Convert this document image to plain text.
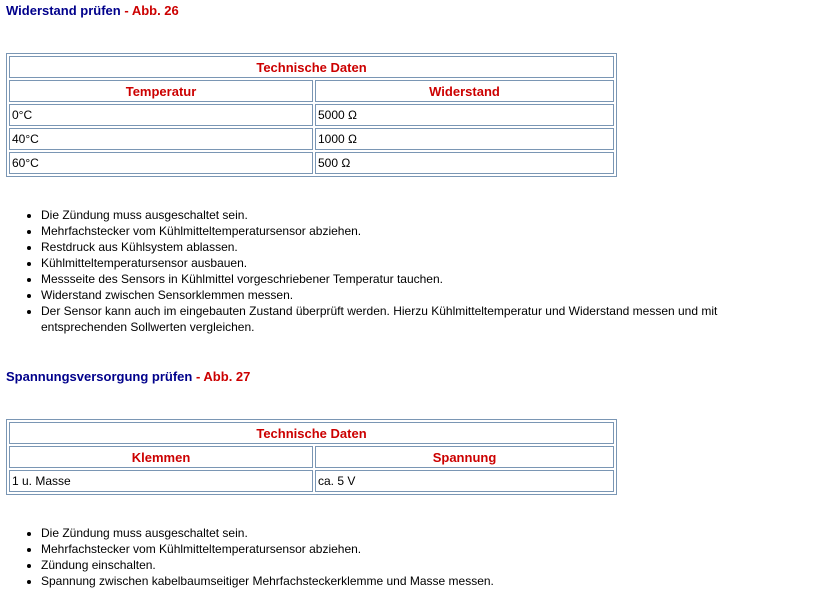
Widerstand prüfen - Abb. 26
Technische Daten	
Temperatur	Widerstand
0°C	5000 Ω
40°C	1000 Ω
60°C	500 Ω
• Die Zündung muss ausgeschaltet sein.
• Mehrfachstecker vom Kühlmitteltemperatursensor abziehen.
• Restdruck aus Kühlsystem ablassen.
• Kühlmitteltemperatursensor ausbauen.
• Messseite des Sensors in Kühlmittel vorgeschriebener Temperatur tauchen.
• Widerstand zwischen Sensorklemmen messen.
• Der Sensor kann auch im eingebauten Zustand überprüft werden. Hierzu Kühlmitteltemperatur und Widerstand messen und mit entsprechenden Sollwerten vergleichen.
Spannungsversorgung prüfen - Abb. 27
Technische Daten	
Klemmen	Spannung
1 u. Masse	ca. 5 V
• Die Zündung muss ausgeschaltet sein.
• Mehrfachstecker vom Kühlmitteltemperatursensor abziehen.
• Zündung einschalten.
• Spannung zwischen kabelbaumseitiger Mehrfachsteckerklemme und Masse messen.
